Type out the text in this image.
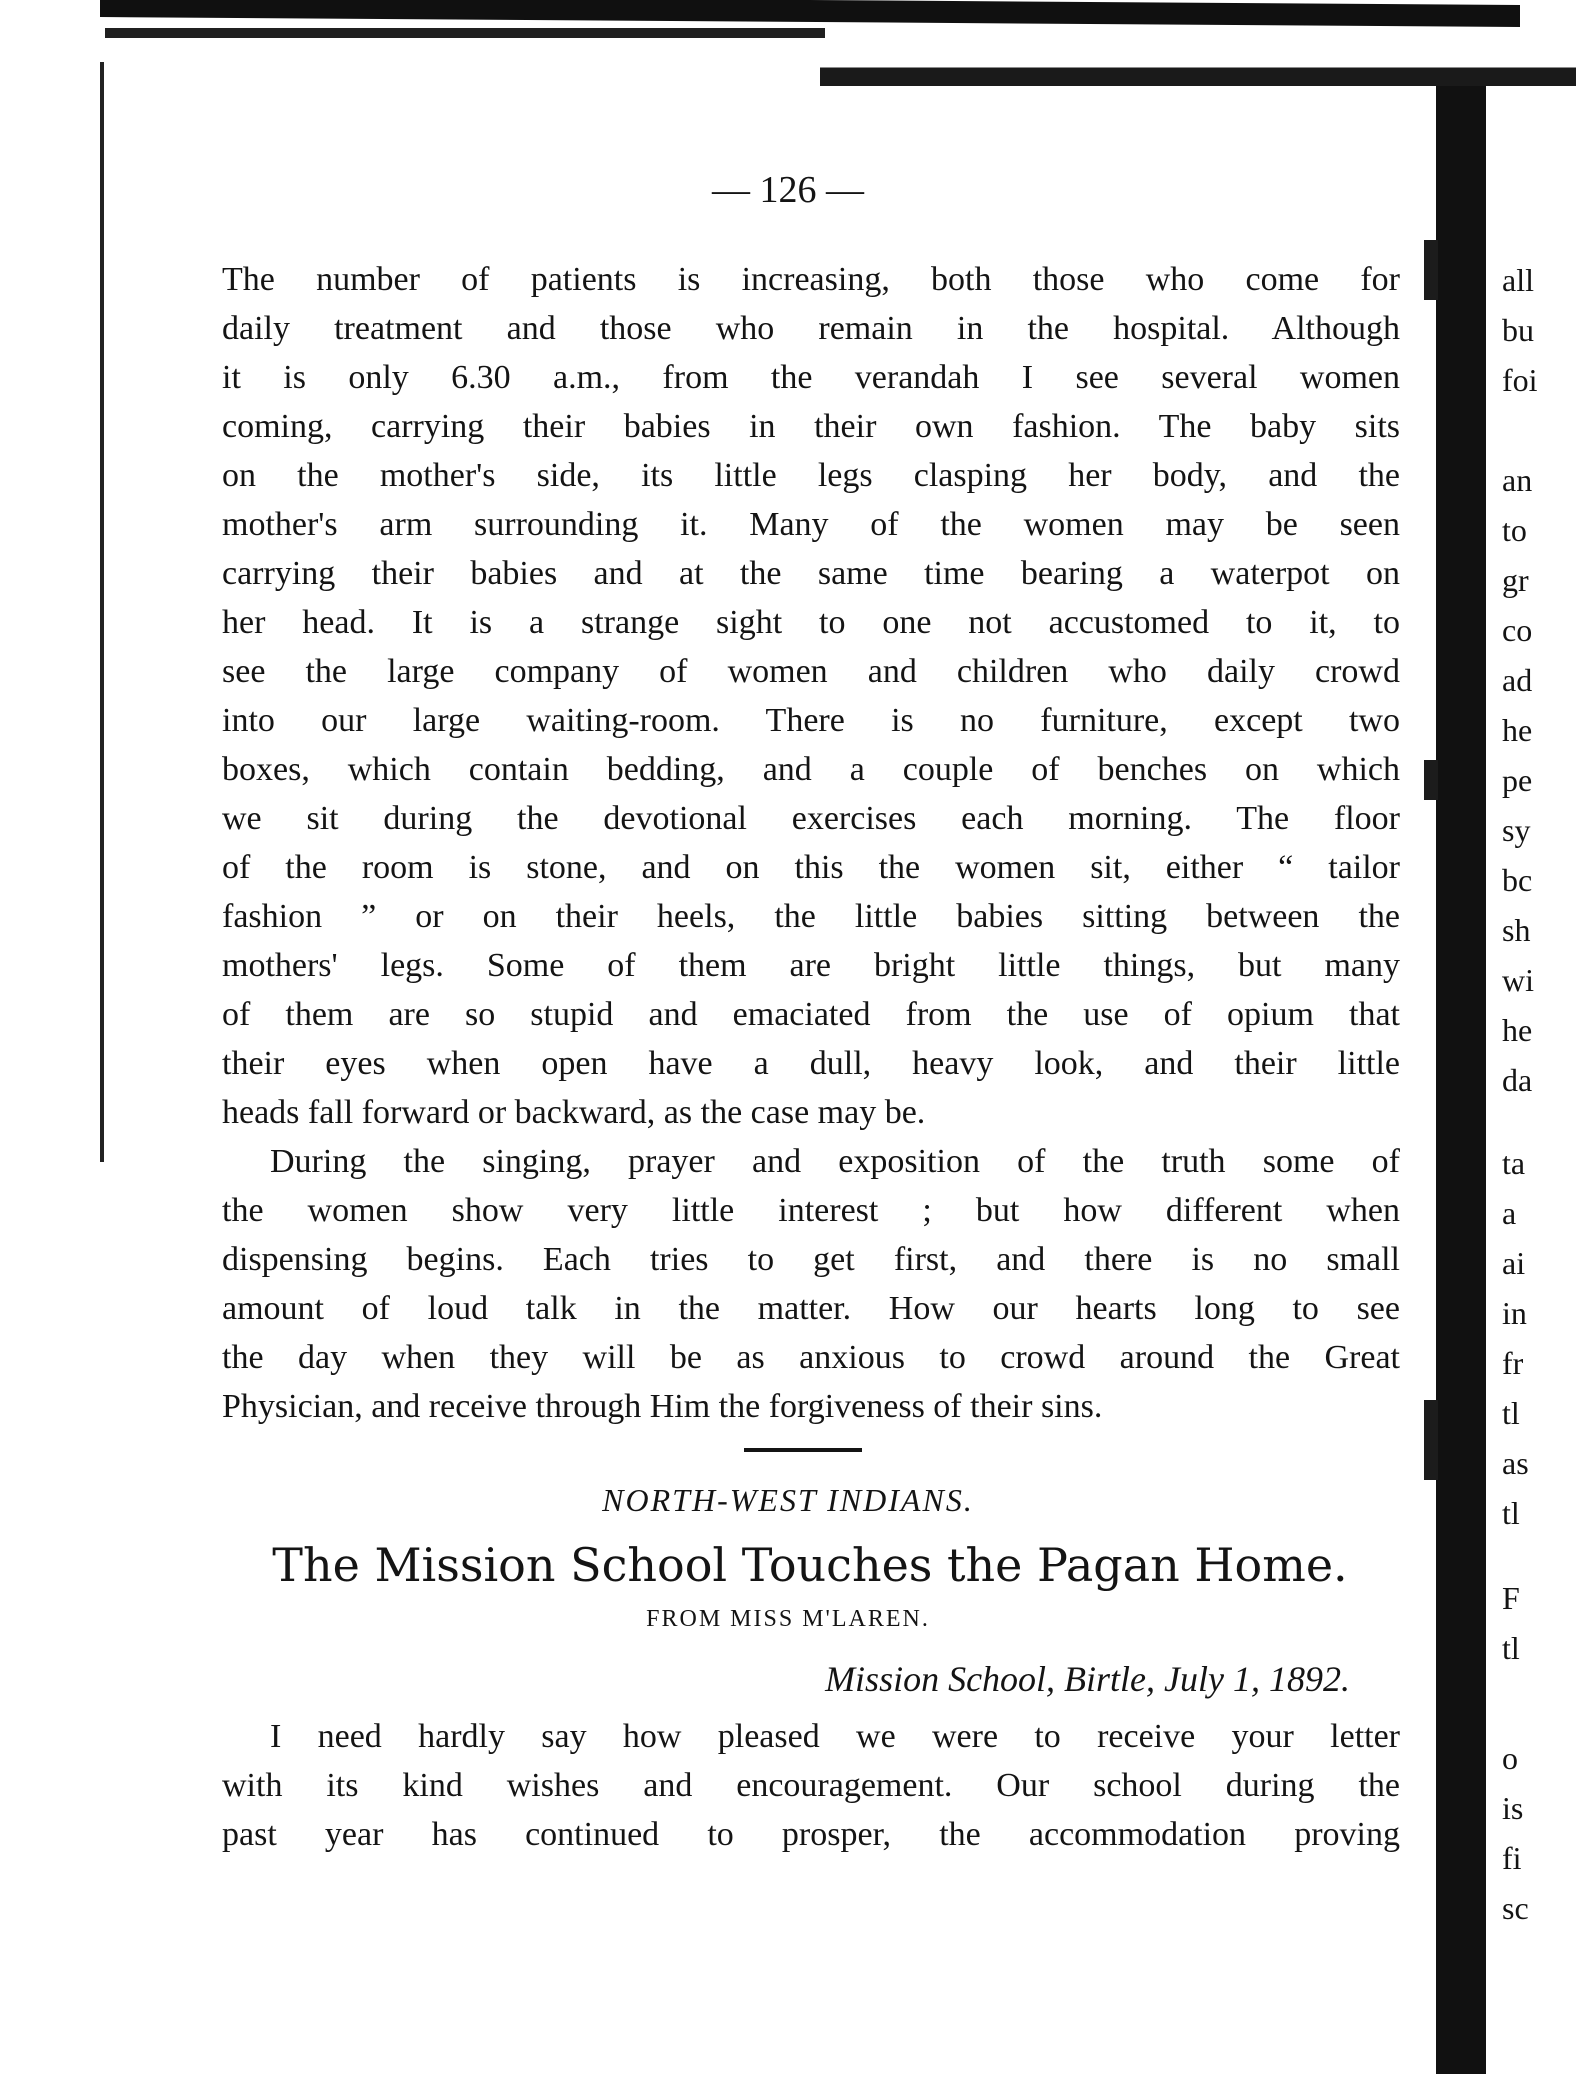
— 126 —
The number of patients is increasing, both those who come for
daily treatment and those who remain in the hospital. Although
it is only 6.30 a.m., from the verandah I see several women
coming, carrying their babies in their own fashion. The baby sits
on the mother's side, its little legs clasping her body, and the
mother's arm surrounding it. Many of the women may be seen
carrying their babies and at the same time bearing a waterpot on
her head. It is a strange sight to one not accustomed to it, to
see the large company of women and children who daily crowd
into our large waiting-room. There is no furniture, except two
boxes, which contain bedding, and a couple of benches on which
we sit during the devotional exercises each morning. The floor
of the room is stone, and on this the women sit, either “ tailor
fashion ” or on their heels, the little babies sitting between the
mothers' legs. Some of them are bright little things, but many
of them are so stupid and emaciated from the use of opium that
their eyes when open have a dull, heavy look, and their little
heads fall forward or backward, as the case may be.
During the singing, prayer and exposition of the truth some of
the women show very little interest ; but how different when
dispensing begins. Each tries to get first, and there is no small
amount of loud talk in the matter. How our hearts long to see
the day when they will be as anxious to crowd around the Great
Physician, and receive through Him the forgiveness of their sins.
NORTH-WEST INDIANS.
The Mission School Touches the Pagan Home.
FROM MISS M'LAREN.
Mission School, Birtle, July 1, 1892.
I need hardly say how pleased we were to receive your letter
with its kind wishes and encouragement. Our school during the
past year has continued to prosper, the accommodation proving
all
bu
foi
an
to
gr
co
ad
he
pe
sy
bc
sh
wi
he
da
ta
a
ai
in
fr
tl
as
tl
F
tl
o
is
fi
sc
